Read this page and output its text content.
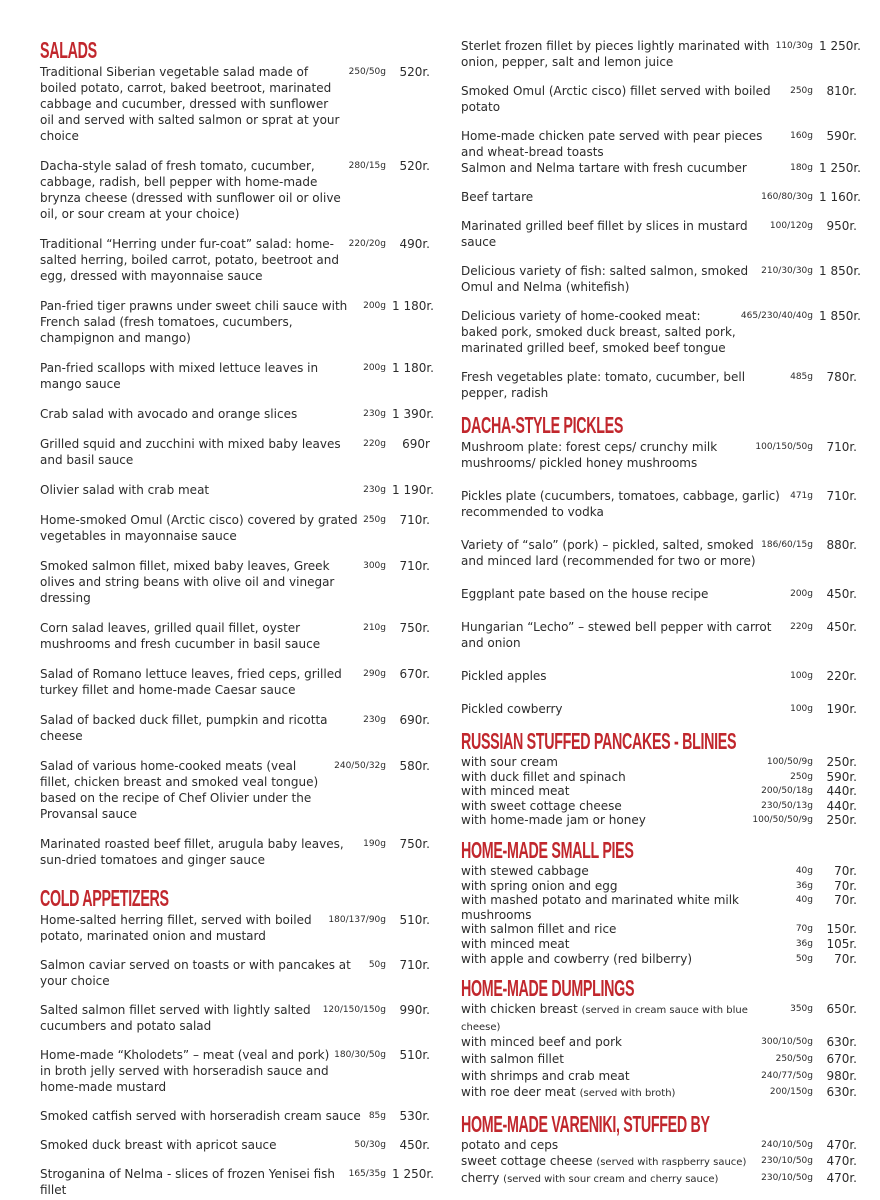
SALADS
Traditional Siberian vegetable salad made of boiled potato, carrot, baked beetroot, marinated cabbage and cucumber, dressed with sunflower oil and served with salted salmon or sprat at your choice
250/50g	520r.
Dacha-style salad of fresh tomato, cucumber, cabbage, radish, bell pepper with home-made brynza cheese (dressed with sunflower oil or olive oil, or sour cream at your choice)
280/15g	520r.
Traditional “Herring under fur-coat” salad: home-salted herring, boiled carrot, potato, beetroot and egg, dressed with mayonnaise sauce
220/20g	490r.
Pan-fried tiger prawns under sweet chili sauce with French salad (fresh tomatoes, cucumbers, champignon and mango)
200g 1 180r.
Pan-fried scallops with mixed lettuce leaves in mango sauce
200g 1 180r.
Crab salad with avocado and orange slices	230g 1 390r.
Grilled squid and zucchini with mixed baby leaves and basil sauce
220g	690r
Olivier salad with crab meat	230g 1 190r.
Home-smoked Omul (Arctic cisco) covered by grated vegetables in mayonnaise sauce
250g	710r.
Smoked salmon fillet, mixed baby leaves, Greek olives and string beans with olive oil and vinegar dressing
300g	710r.
Corn salad leaves, grilled quail fillet, oyster mushrooms and fresh cucumber in basil sauce
210g	750r.
Salad of Romano lettuce leaves, fried ceps, grilled turkey fillet and home-made Caesar sauce
290g	670r.
Salad of backed duck fillet, pumpkin and ricotta cheese
230g	690r.
Salad of various home-cooked meats (veal fillet, chicken breast and smoked veal tongue) based on the recipe of Chef Olivier under the Provansal sauce
240/50/32g	580r.
Marinated roasted beef fillet, arugula baby leaves, sun-dried tomatoes and ginger sauce
190g	750r.
COLD APPETIZERS
Home-salted herring fillet, served with boiled potato, marinated onion and mustard
180/137/90g	510r.
Salmon caviar served on toasts or with pancakes at your choice
50g	710r.
Salted salmon fillet served with lightly salted cucumbers and potato salad
120/150/150g	990r.
Home-made “Kholodets” – meat (veal and pork) in broth jelly served with horseradish sauce and home-made mustard
180/30/50g	510r.
Smoked catfish served with horseradish cream sauce 85g	530r.
Smoked duck breast with apricot sauce	50/30g	450r.
Stroganina of Nelma - slices of frozen Yenisei fish fillet
165/35g 1 250r.
Sterlet frozen fillet by pieces lightly marinated with onion, pepper, salt and lemon juice
110/30g 1 250r.
Smoked Omul (Arctic cisco) fillet served with boiled potato
250g	810r.
Home-made chicken pate served with pear pieces and wheat-bread toasts
160g	590r.
Salmon and Nelma tartare with fresh cucumber	180g 1 250r.
Beef tartare	160/80/30g 1 160r.
Marinated grilled beef fillet by slices in mustard sauce
100/120g	950r.
Delicious variety of fish: salted salmon, smoked Omul and Nelma (whitefish)
210/30/30g 1 850r.
Delicious variety of home-cooked meat: baked pork, smoked duck breast, salted pork, marinated grilled beef, smoked beef tongue
465/230/40/40g 1 850r.
Fresh vegetables plate: tomato, cucumber, bell pepper, radish
485g	780r.
DACHA-STYLE PICKLES
Mushroom plate: forest ceps/ crunchy milk mushrooms/ pickled honey mushrooms
100/150/50g	710r.
Pickles plate (cucumbers, tomatoes, cabbage, garlic) recommended to vodka
471g	710r.
Variety of “salo” (pork) – pickled, salted, smoked and minced lard (recommended for two or more)
186/60/15g	880r.
Eggplant pate based on the house recipe	200g	450r.
Hungarian “Lecho” – stewed bell pepper with carrot and onion
220g	450r.
Pickled apples	100g	220r.
Pickled cowberry	100g	190r.
RUSSIAN STUFFED PANCAKES - BLINIES
with sour cream	100/50/9g	250r.
with duck fillet and spinach	250g	590r.
with minced meat	200/50/18g	440r.
with sweet cottage cheese	230/50/13g	440r.
with home-made jam or honey	100/50/50/9g	250r.
HOME-MADE SMALL PIES
with stewed cabbage	40g	70r.
with spring onion and egg	36g	70r.
with mashed potato and marinated white milk mushrooms
40g	70r.
with salmon fillet and rice	70g	150r.
with minced meat	36g	105r.
with apple and cowberry (red bilberry)	50g	70r.
HOME-MADE DUMPLINGS
with chicken breast (served in cream sauce with blue cheese)
350g	650r.
with minced beef and pork	300/10/50g	630r.
with salmon fillet	250/50g	670r.
with shrimps and crab meat	240/77/50g	980r.
with roe deer meat (served with broth)	200/150g	630r.
HOME-MADE VARENIKI, STUFFED BY
potato and ceps	240/10/50g	470r.
sweet cottage cheese (served with raspberry sauce)	230/10/50g	470r.
cherry (served with sour cream and cherry sauce)	230/10/50g	470r.
